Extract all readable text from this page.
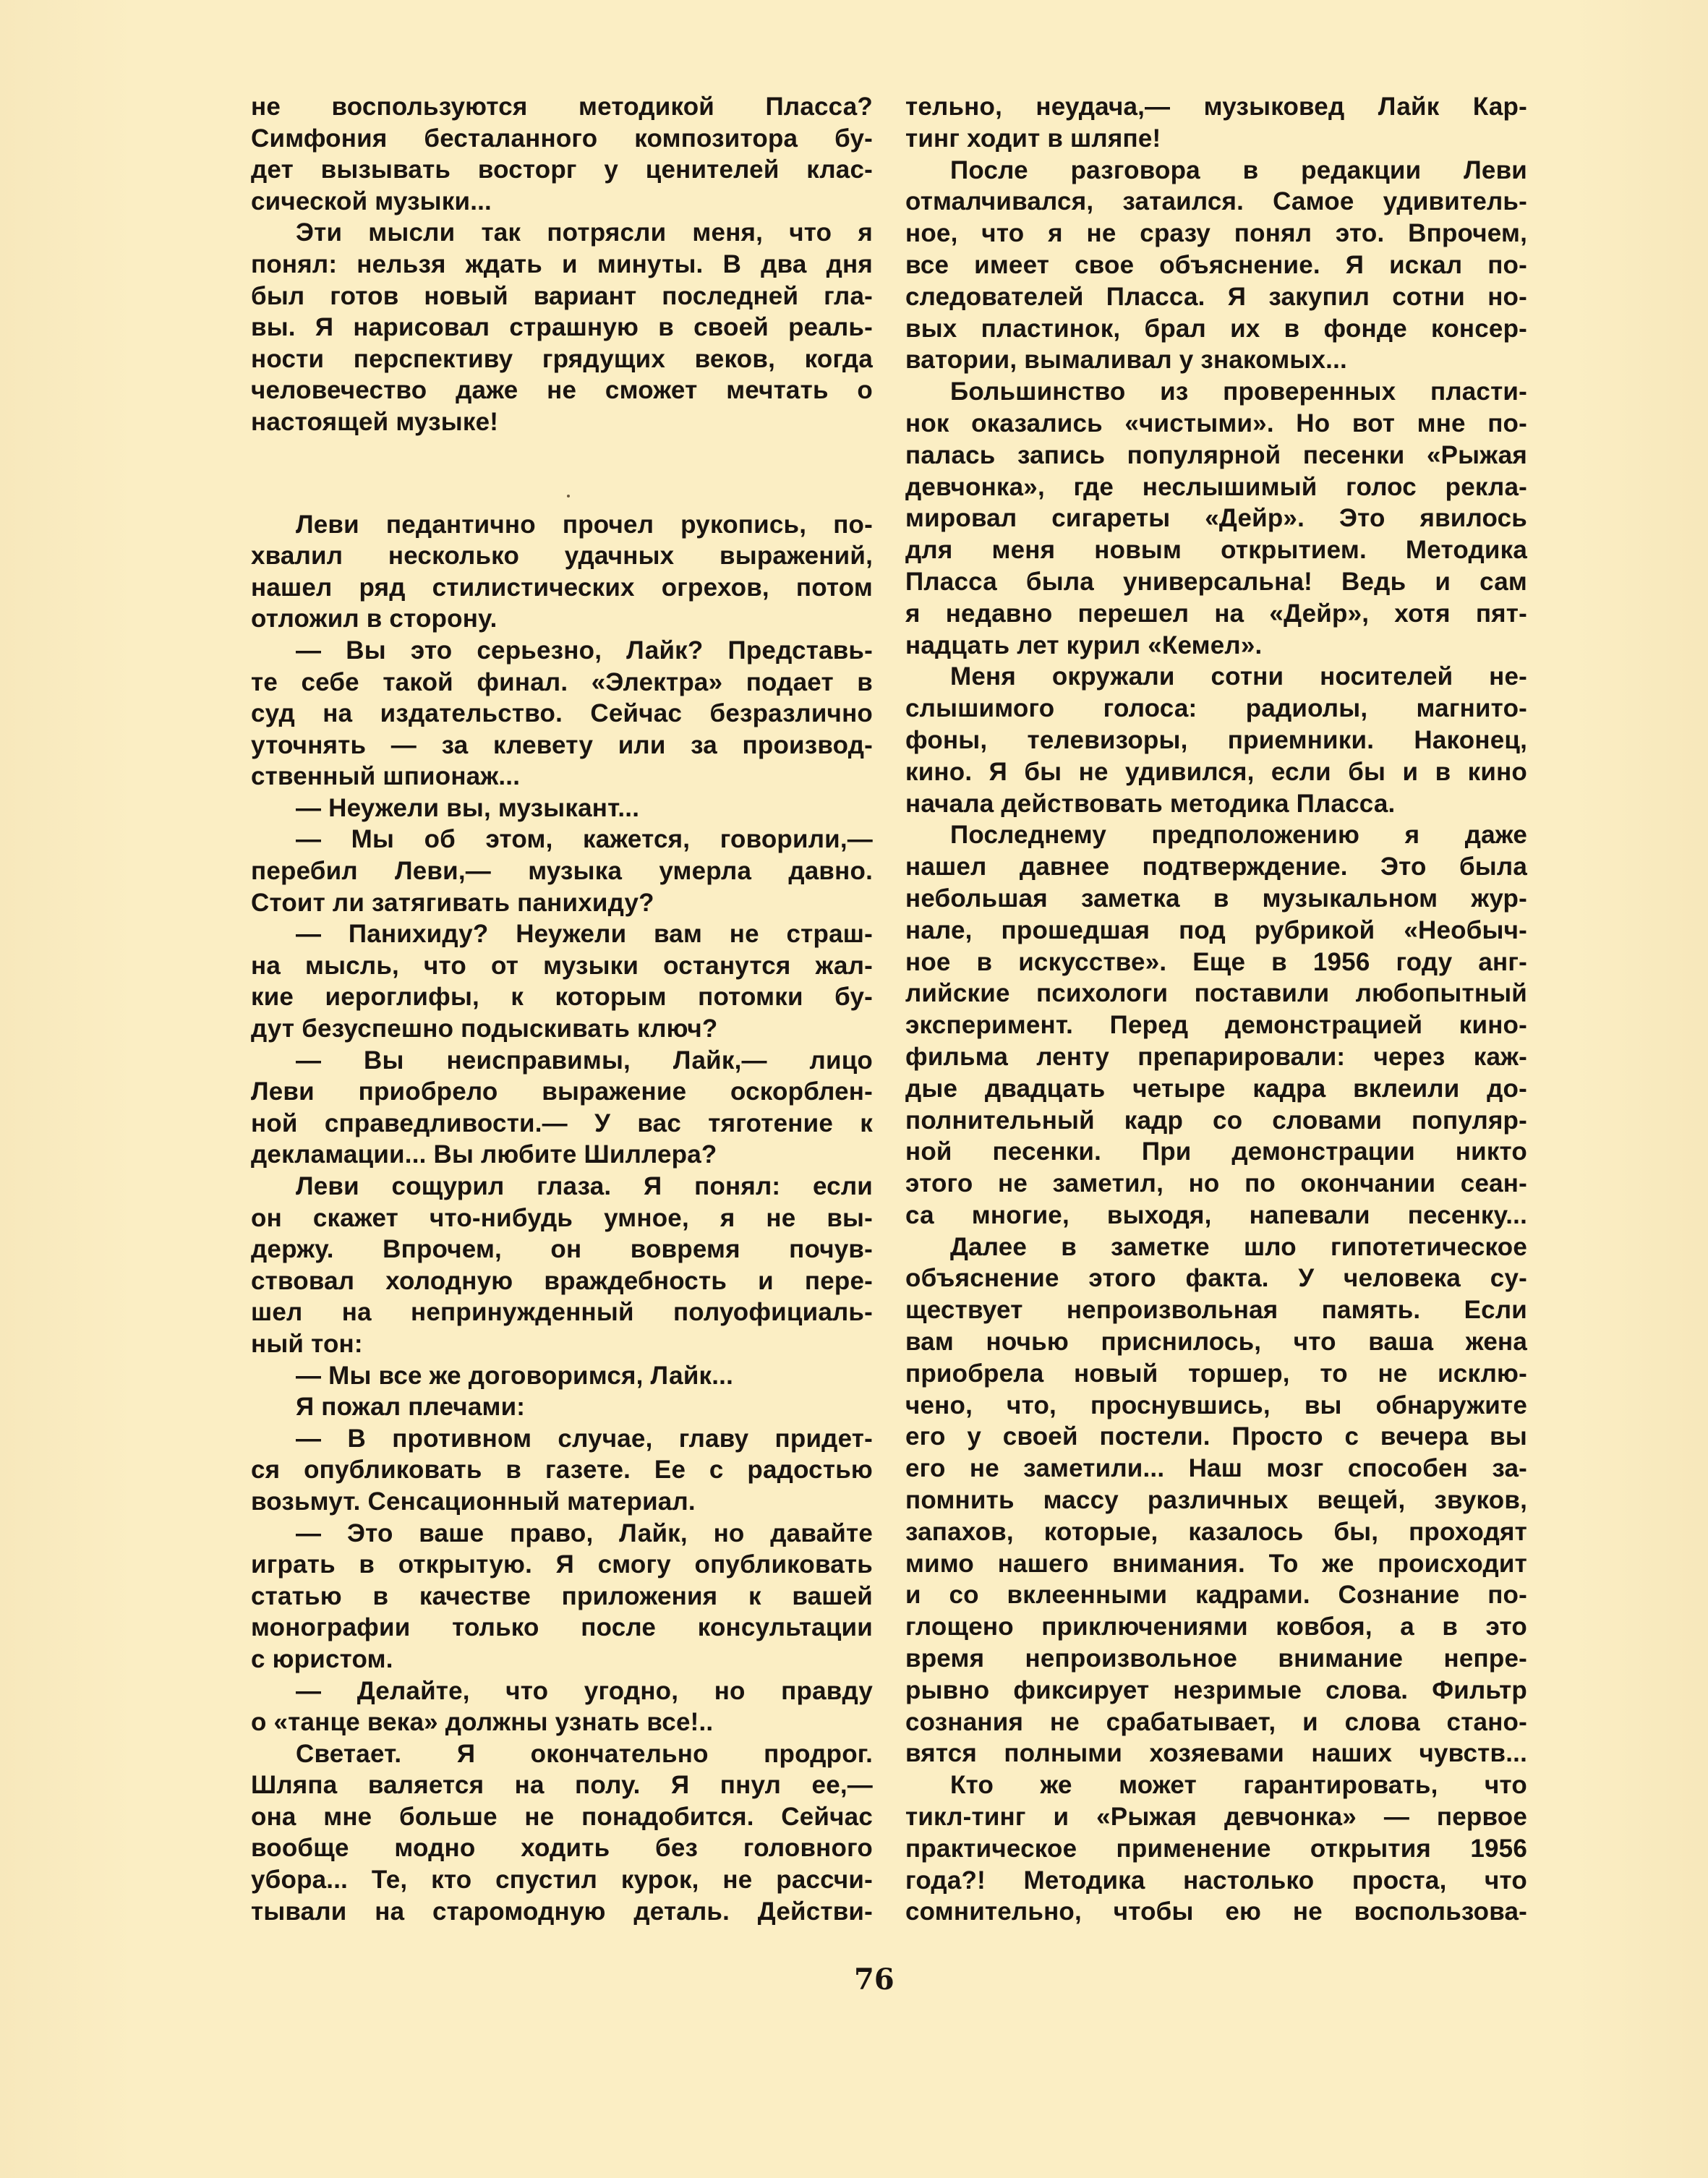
не воспользуются методикой Пласса?
Симфония бесталанного композитора бу-
дет вызывать восторг у ценителей клас-
сической музыки...
Эти мысли так потрясли меня, что я
понял: нельзя ждать и минуты. В два дня
был готов новый вариант последней гла-
вы. Я нарисовал страшную в своей реаль-
ности перспективу грядущих веков, когда
человечество даже не сможет мечтать о
настоящей музыке!
Леви педантично прочел рукопись, по-
хвалил несколько удачных выражений,
нашел ряд стилистических огрехов, потом
отложил в сторону.
— Вы это серьезно, Лайк? Представь-
те себе такой финал. «Электра» подает в
суд на издательство. Сейчас безразлично
уточнять — за клевету или за производ-
ственный шпионаж...
— Неужели вы, музыкант...
— Мы об этом, кажется, говорили,—
перебил Леви,— музыка умерла давно.
Стоит ли затягивать панихиду?
— Панихиду? Неужели вам не страш-
на мысль, что от музыки останутся жал-
кие иероглифы, к которым потомки бу-
дут безуспешно подыскивать ключ?
— Вы неисправимы, Лайк,— лицо
Леви приобрело выражение оскорблен-
ной справедливости.— У вас тяготение к
декламации... Вы любите Шиллера?
Леви сощурил глаза. Я понял: если
он скажет что-нибудь умное, я не вы-
держу. Впрочем, он вовремя почув-
ствовал холодную враждебность и пере-
шел на непринужденный полуофициаль-
ный тон:
— Мы все же договоримся, Лайк...
Я пожал плечами:
— В противном случае, главу придет-
ся опубликовать в газете. Ее с радостью
возьмут. Сенсационный материал.
— Это ваше право, Лайк, но давайте
играть в открытую. Я смогу опубликовать
статью в качестве приложения к вашей
монографии только после консультации
с юристом.
— Делайте, что угодно, но правду
о «танце века» должны узнать все!..
Светает. Я окончательно продрог.
Шляпа валяется на полу. Я пнул ее,—
она мне больше не понадобится. Сейчас
вообще модно ходить без головного
убора... Те, кто спустил курок, не рассчи-
тывали на старомодную деталь. Действи-
тельно, неудача,— музыковед Лайк Кар-
тинг ходит в шляпе!
После разговора в редакции Леви
отмалчивался, затаился. Самое удивитель-
ное, что я не сразу понял это. Впрочем,
все имеет свое объяснение. Я искал по-
следователей Пласса. Я закупил сотни но-
вых пластинок, брал их в фонде консер-
ватории, вымаливал у знакомых...
Большинство из проверенных пласти-
нок оказались «чистыми». Но вот мне по-
палась запись популярной песенки «Рыжая
девчонка», где неслышимый голос рекла-
мировал сигареты «Дейр». Это явилось
для меня новым открытием. Методика
Пласса была универсальна! Ведь и сам
я недавно перешел на «Дейр», хотя пят-
надцать лет курил «Кемел».
Меня окружали сотни носителей не-
слышимого голоса: радиолы, магнито-
фоны, телевизоры, приемники. Наконец,
кино. Я бы не удивился, если бы и в кино
начала действовать методика Пласса.
Последнему предположению я даже
нашел давнее подтверждение. Это была
небольшая заметка в музыкальном жур-
нале, прошедшая под рубрикой «Необыч-
ное в искусстве». Еще в 1956 году анг-
лийские психологи поставили любопытный
эксперимент. Перед демонстрацией кино-
фильма ленту препарировали: через каж-
дые двадцать четыре кадра вклеили до-
полнительный кадр со словами популяр-
ной песенки. При демонстрации никто
этого не заметил, но по окончании сеан-
са многие, выходя, напевали песенку...
Далее в заметке шло гипотетическое
объяснение этого факта. У человека су-
ществует непроизвольная память. Если
вам ночью приснилось, что ваша жена
приобрела новый торшер, то не исклю-
чено, что, проснувшись, вы обнаружите
его у своей постели. Просто с вечера вы
его не заметили... Наш мозг способен за-
помнить массу различных вещей, звуков,
запахов, которые, казалось бы, проходят
мимо нашего внимания. То же происходит
и со вклеенными кадрами. Сознание по-
глощено приключениями ковбоя, а в это
время непроизвольное внимание непре-
рывно фиксирует незримые слова. Фильтр
сознания не срабатывает, и слова стано-
вятся полными хозяевами наших чувств...
Кто же может гарантировать, что
тикл-тинг и «Рыжая девчонка» — первое
практическое применение открытия 1956
года?! Методика настолько проста, что
сомнительно, чтобы ею не воспользова-
76
